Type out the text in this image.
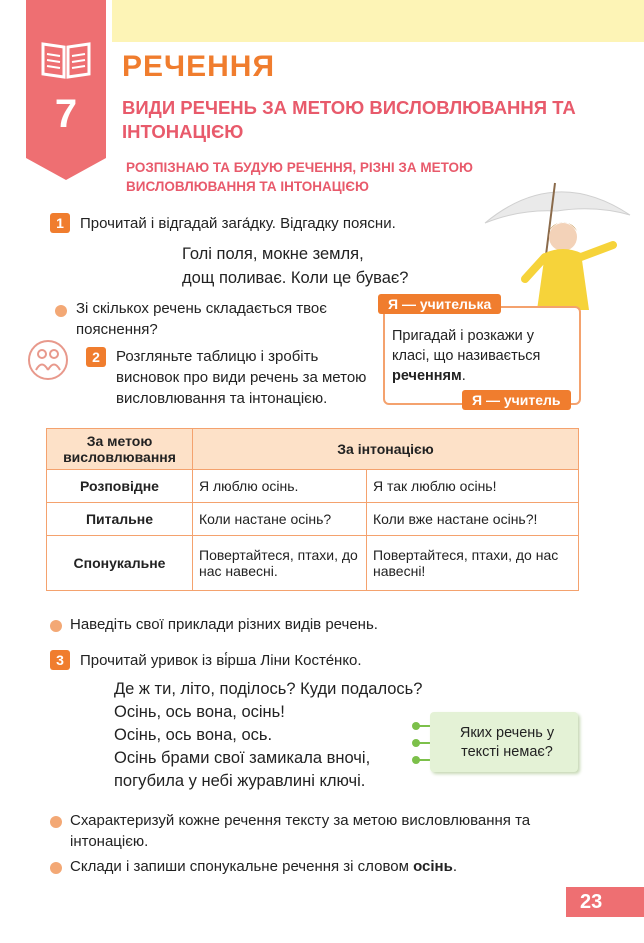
7
РЕЧЕННЯ
ВИДИ РЕЧЕНЬ ЗА МЕТОЮ ВИСЛОВЛЮВАННЯ ТА ІНТОНАЦІЄЮ
РОЗПІЗНАЮ ТА БУДУЮ РЕЧЕННЯ, РІЗНІ ЗА МЕТОЮ ВИСЛОВЛЮВАННЯ ТА ІНТОНАЦІЄЮ
1	Прочитай і відгадай зага́дку. Відгадку поясни.
Голі поля, мокне земля,
дощ поливає. Коли це буває?
Зі скількох речень складається твоє пояснення?
2	Розгляньте таблицю і зробіть висновок про види речень за метою висловлювання та інтонацією.
Я — учителька
Пригадай і розкажи у класі, що називається реченням.
Я — учитель
За метою висловлювання	За інтонацією	
Розповідне	Я люблю осінь.	Я так люблю осінь!
Питальне	Коли настане осінь?	Коли вже настане осінь?!
Спонукальне	Повертайтеся, птахи, до нас навесні.	Повертайтеся, птахи, до нас навесні!
Наведіть свої приклади різних видів речень.
3	Прочитай уривок із ві́рша Ліни Косте́нко.
Де ж ти, літо, поділось? Куди подалось?
Осінь, ось вона, осінь!
Осінь, ось вона, ось.
Осінь брами свої замикала вночі,
погубила у небі журавлині ключі.
Яких речень у тексті немає?
Схарактеризуй кожне речення тексту за метою висловлювання та інтонацією.
Склади і запиши спонукальне речення зі словом осінь.
23
